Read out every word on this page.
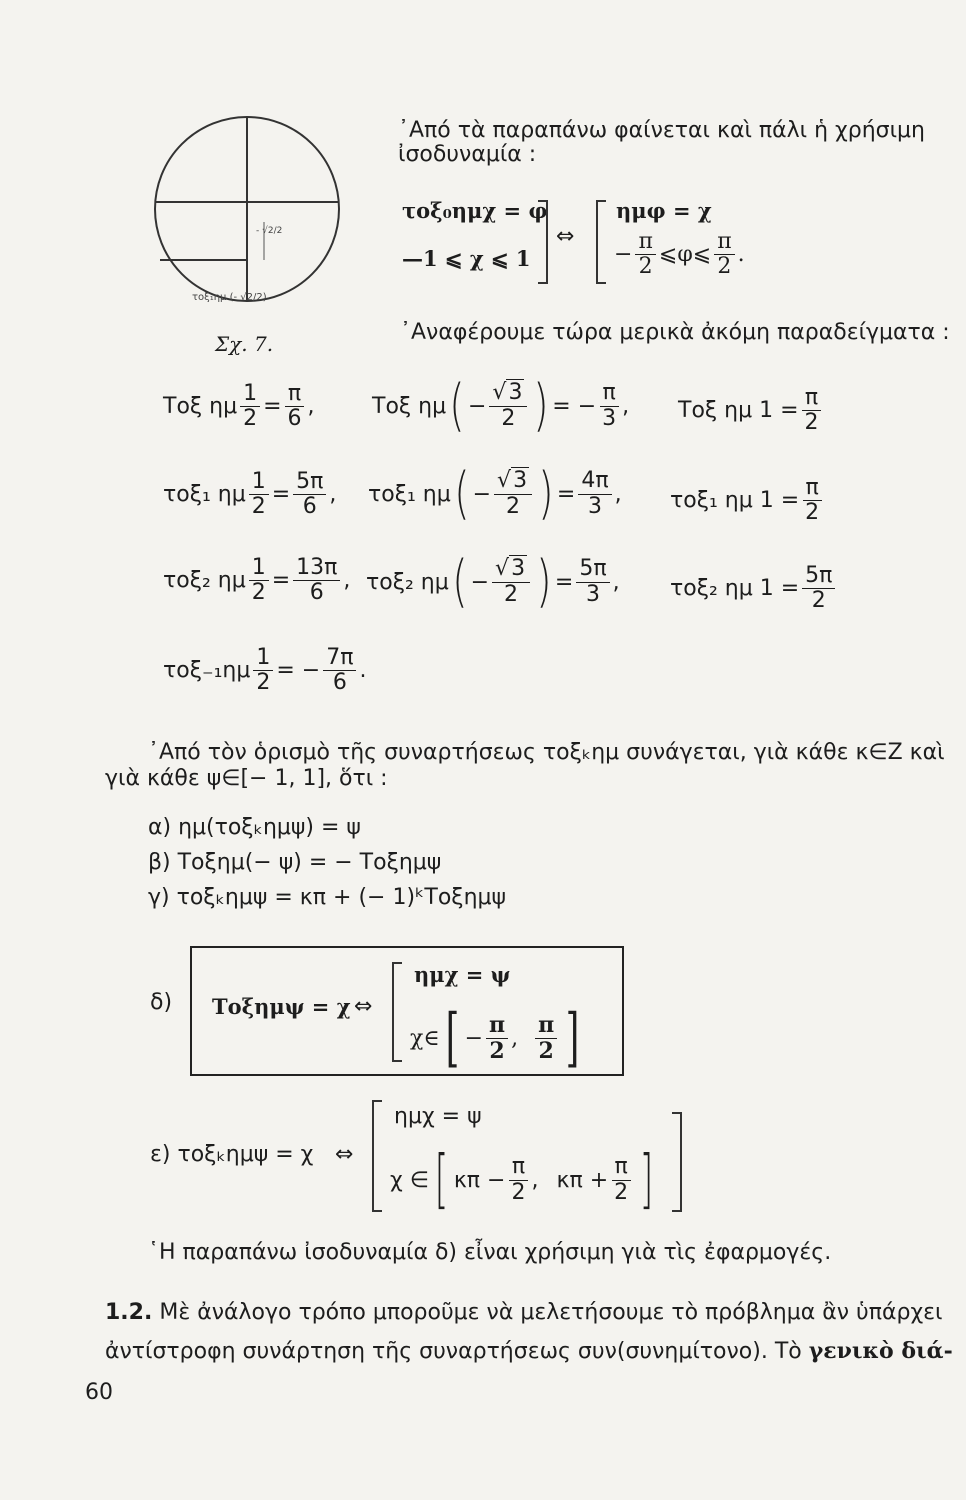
- √2/2
τοξ₁ημ (- √2/2)
Σχ. 7.
᾿Από τὰ παραπάνω φαίνεται καὶ πάλι ἡ χρήσιμη
ἰσοδυναμία :
τοξ₀ημχ = φ
—1 ⩽ χ ⩽ 1
⇔
ημφ = χ
− $\frac{\pi}{2}$ ⩽φ⩽ $\frac{\pi}{2}$ .
᾿Αναφέρουμε τώρα μερικὰ ἀκόμη παραδείγματα :
Τοξ ημ $\frac{1}{2} = \frac{\pi}{6}$ ,	Τοξ ημ ( − $\frac{√3}{2}$ ) = − $\frac{\pi}{3}$ , Τοξ ημ $1 = \frac{\pi}{2}$
τοξ₁ ημ $\frac{1}{2} = \frac{5\pi}{6}$ , τοξ₁ ημ ( − $\frac{√3}{2}$ ) = $\frac{4\pi}{3}$ , τοξ₁ ημ $1 = \frac{\pi}{2}$
τοξ₂ ημ $\frac{1}{2} = \frac{13\pi}{6}$ , τοξ₂ ημ ( − $\frac{√3}{2}$ ) = $\frac{5\pi}{3}$ , τοξ₂ ημ $1 = \frac{5\pi}{2}$
$\tau o\xi_{-1}\eta\mu \frac{1}{2}$ = − $\frac{7\pi}{6}$ .
᾿Από τὸν ὁρισμὸ τῆς συναρτήσεως τοξₖημ συνάγεται, γιὰ κάθε κ∈Z καὶ
γιὰ κάθε ψ∈[− 1, 1], ὅτι :
α) ημ(τοξₖημψ) = ψ
β) Τοξημ(− ψ) = − Τοξημψ
γ) τοξₖημψ = κπ + (− 1)ᵏΤοξημψ
δ) Τοξημψ = χ ⇔
ημχ = ψ
χ∈ [ − $\frac{\pi}{2}$ , $\frac{\pi}{2}$ ]
ε) τοξₖημψ = χ ⇔
ημχ = ψ
χ ∈ [ $\kappa\pi - \frac{\pi}{2}$ , $\kappa\pi + \frac{\pi}{2}$ ]
῾Η παραπάνω ἰσοδυναμία δ) εἶναι χρήσιμη γιὰ τὶς ἐφαρμογές.
1.2. Μὲ ἀνάλογο τρόπο μποροῦμε νὰ μελετήσουμε τὸ πρόβλημα ἂν ὑπάρχει
ἀντίστροφη συνάρτηση τῆς συναρτήσεως συν(συνημίτονο). Τὸ γενικὸ διά-
60
